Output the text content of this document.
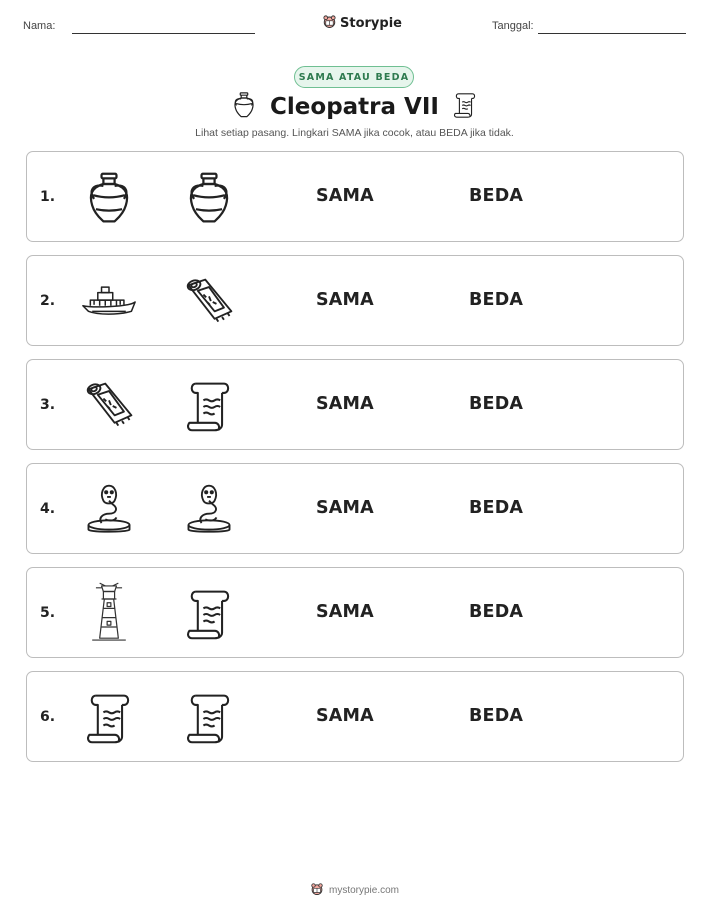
Nama:	Storypie	Tanggal:
SAMA ATAU BEDA
Cleopatra VII
Lihat setiap pasang. Lingkari SAMA jika cocok, atau BEDA jika tidak.
1.	SAMA	BEDA
2.	SAMA	BEDA
3.	SAMA	BEDA
4.	SAMA	BEDA
5.	SAMA	BEDA
6.	SAMA	BEDA
mystorypie.com
